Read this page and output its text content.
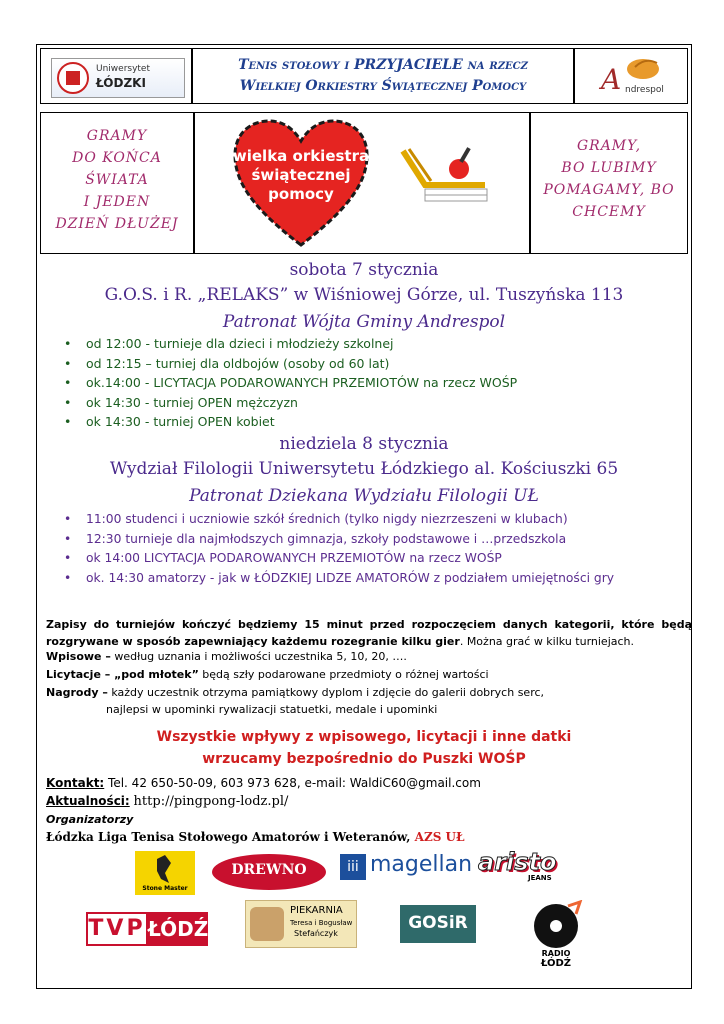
Uniwersytet
ŁÓDZKI
Tenis stołowy i PRZYJACIELE na rzecz
Wielkiej Orkiestry Świątecznej Pomocy	A ndrespol
GRAMY
DO KOŃCA
ŚWIATA
I JEDEN
DZIEŃ DŁUŻEJ
wielka orkiestra
świątecznej
pomocy
GRAMY,
BO LUBIMY
POMAGAMY, BO
CHCEMY
sobota 7 stycznia
G.O.S. i R. „RELAKS” w Wiśniowej Górze, ul. Tuszyńska 113
Patronat Wójta Gminy Andrespol
• od 12:00 - turnieje dla dzieci i młodzieży szkolnej
• od 12:15 – turniej dla oldbojów (osoby od 60 lat)
• ok.14:00 - LICYTACJA PODAROWANYCH PRZEMIOTÓW na rzecz WOŚP
• ok 14:30 - turniej OPEN mężczyzn
• ok 14:30 - turniej OPEN kobiet
niedziela 8 stycznia
Wydział Filologii Uniwersytetu Łódzkiego al. Kościuszki 65
Patronat Dziekana Wydziału Filologii UŁ
• 11:00 studenci i uczniowie szkół średnich (tylko nigdy niezrzeszeni w klubach)
• 12:30 turnieje dla najmłodszych gimnazja, szkoły podstawowe i …przedszkola
• ok 14:00 LICYTACJA PODAROWANYCH PRZEMIOTÓW na rzecz WOŚP
• ok. 14:30 amatorzy - jak w ŁÓDZKIEJ LIDZE AMATORÓW z podziałem umiejętności gry
Zapisy do turniejów kończyć będziemy 15 minut przed rozpoczęciem danych kategorii, które będą rozgrywane w sposób zapewniający każdemu rozegranie kilku gier. Można grać w kilku turniejach.
Wpisowe – według uznania i możliwości uczestnika 5, 10, 20, ….
Licytacje – „pod młotek” będą szły podarowane przedmioty o różnej wartości
Nagrody – każdy uczestnik otrzyma pamiątkowy dyplom i zdjęcie do galerii dobrych serc,
najlepsi w upominki rywalizacji statuetki, medale i upominki
Wszystkie wpływy z wpisowego, licytacji i inne datki
wrzucamy bezpośrednio do Puszki WOŚP
Kontakt: Tel. 42 650-50-09, 603 973 628, e-mail: WaldiC60@gmail.com
Aktualności: http://pingpong-lodz.pl/
Organizatorzy
Łódzka Liga Tenisa Stołowego Amatorów i Weteranów, AZS UŁ
Stone Master
DREWNO	iii magellan aristo
JEANS
TVP ŁÓDŹ
PIEKARNIA
Teresa i Bogusław
Stefańczyk
GOSiR
RADIO
ŁÓDŹ
